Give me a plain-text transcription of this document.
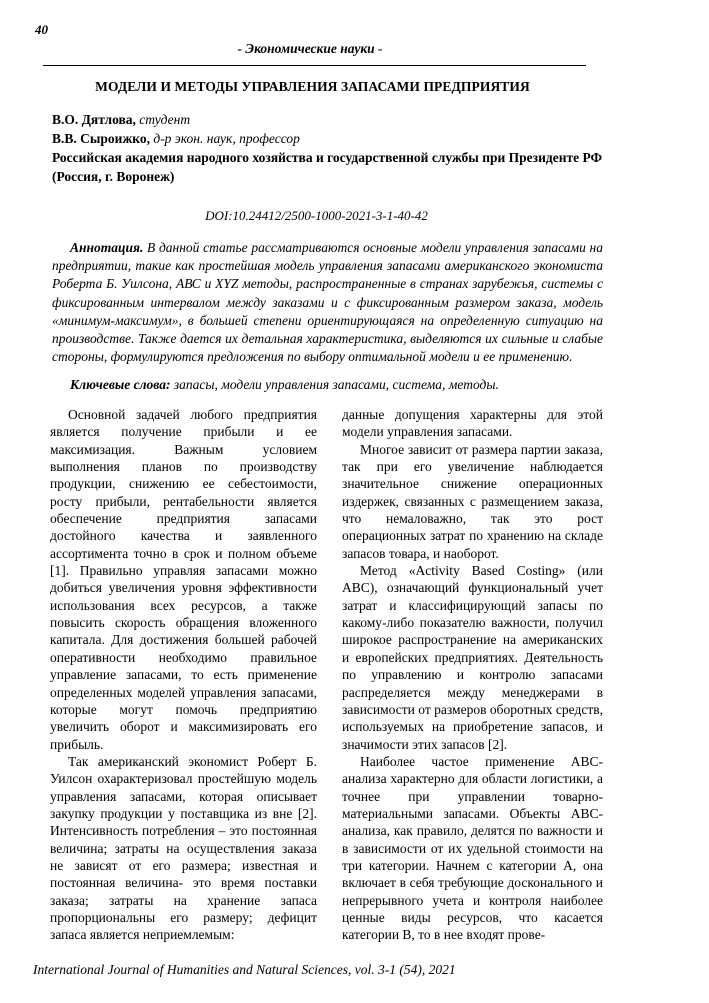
40
- Экономические науки -
МОДЕЛИ И МЕТОДЫ УПРАВЛЕНИЯ ЗАПАСАМИ ПРЕДПРИЯТИЯ
В.О. Дятлова, студент
В.В. Сыроижко, д-р экон. наук, профессор
Российская академия народного хозяйства и государственной службы при Президенте РФ
(Россия, г. Воронеж)
DOI:10.24412/2500-1000-2021-3-1-40-42
Аннотация. В данной статье рассматриваются основные модели управления запасами на предприятии, такие как простейшая модель управления запасами американского экономиста Роберта Б. Уилсона, АВС и XYZ методы, распространенные в странах зарубежья, системы с фиксированным интервалом между заказами и с фиксированным размером заказа, модель «минимум-максимум», в большей степени ориентирующаяся на определенную ситуацию на производстве. Также дается их детальная характеристика, выделяются их сильные и слабые стороны, формулируются предложения по выбору оптимальной модели и ее применению.
Ключевые слова: запасы, модели управления запасами, система, методы.

Основной задачей любого предприятия является получение прибыли и ее максимизация. Важным условием выполнения планов по производству продукции, снижению ее себестоимости, росту прибыли, рентабельности является обеспечение предприятия запасами достойного качества и заявленного ассортимента точно в срок и полном объеме [1]. Правильно управляя запасами можно добиться увеличения уровня эффективности использования всех ресурсов, а также повысить скорость обращения вложенного капитала. Для достижения большей рабочей оперативности необходимо правильное управление запасами, то есть применение определенных моделей управления запасами, которые могут помочь предприятию увеличить оборот и максимизировать его прибыль.

Так американский экономист Роберт Б. Уилсон охарактеризовал простейшую модель управления запасами, которая описывает закупку продукции у поставщика из вне [2]. Интенсивность потребления – это постоянная величина; затраты на осуществления заказа не зависят от его размера; известная и постоянная величина- это время поставки заказа; затраты на хранение запаса пропорциональны его размеру; дефицит запаса является неприемлемым:

данные допущения характерны для этой модели управления запасами.

Многое зависит от размера партии заказа, так при его увеличение наблюдается значительное снижение операционных издержек, связанных с размещением заказа, что немаловажно, так это рост операционных затрат по хранению на складе запасов товара, и наоборот.

Метод «Activity Based Costing» (или АВС), означающий функциональный учет затрат и классифицирующий запасы по какому-либо показателю важности, получил широкое распространение на американских и европейских предприятиях. Деятельность по управлению и контролю запасами распределяется между менеджерами в зависимости от размеров оборотных средств, используемых на приобретение запасов, и значимости этих запасов [2].

Наиболее частое применение АВС-анализа характерно для области логистики, а точнее при управлении товарно-материальными запасами. Объекты АВС-анализа, как правило, делятся по важности и в зависимости от их удельной стоимости на три категории. Начнем с категории А, она включает в себя требующие досконального и непрерывного учета и контроля наиболее ценные виды ресурсов, что касается категории В, то в нее входят прове-

International Journal of Humanities and Natural Sciences, vol. 3-1 (54), 2021
